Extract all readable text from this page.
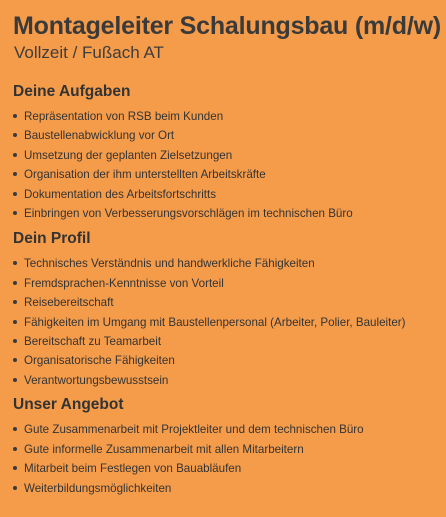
Montageleiter Schalungsbau (m/d/w)

Vollzeit / Fußach AT

Deine Aufgaben
Repräsentation von RSB beim Kunden
Baustellenabwicklung vor Ort
Umsetzung der geplanten Zielsetzungen
Organisation der ihm unterstellten Arbeitskräfte
Dokumentation des Arbeitsfortschritts
Einbringen von Verbesserungsvorschlägen im technischen Büro
Dein Profil
Technisches Verständnis und handwerkliche Fähigkeiten
Fremdsprachen-Kenntnisse von Vorteil
Reisebereitschaft
Fähigkeiten im Umgang mit Baustellenpersonal (Arbeiter, Polier, Bauleiter)
Bereitschaft zu Teamarbeit
Organisatorische Fähigkeiten
Verantwortungsbewusstsein
Unser Angebot
Gute Zusammenarbeit mit Projektleiter und dem technischen Büro
Gute informelle Zusammenarbeit mit allen Mitarbeitern
Mitarbeit beim Festlegen von Bauabläufen
Weiterbildungsmöglichkeiten
